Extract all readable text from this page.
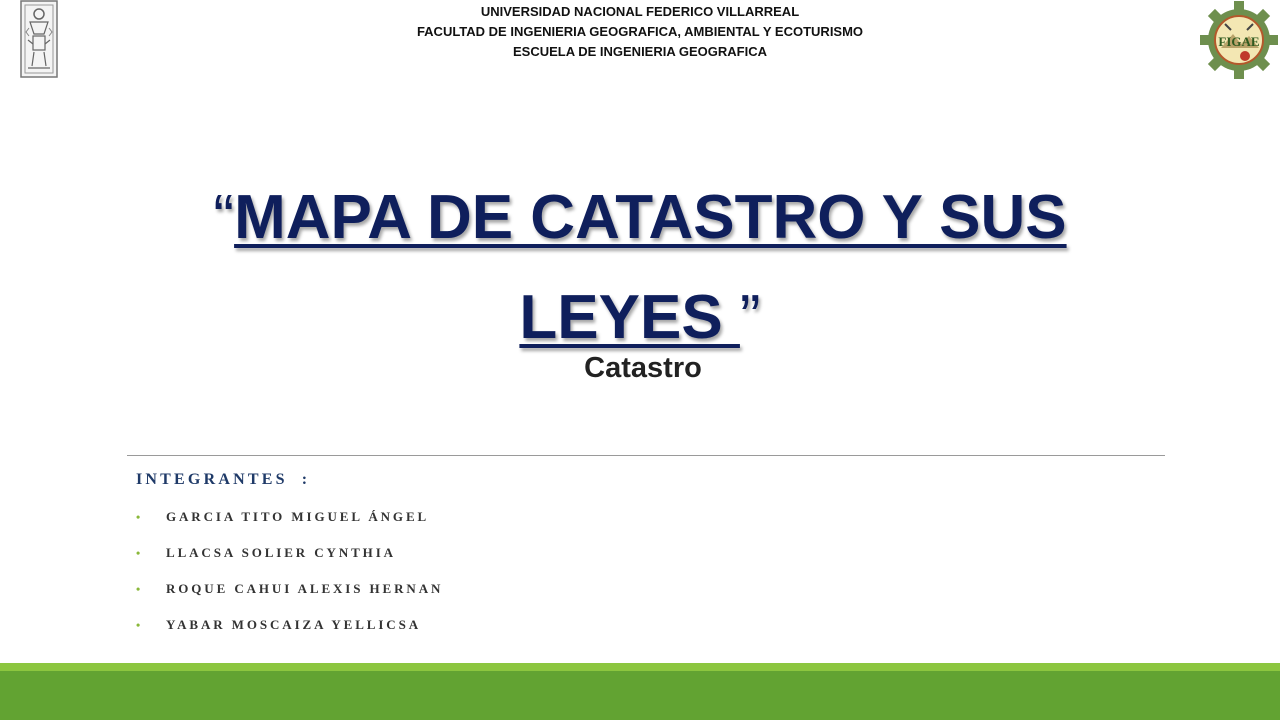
UNIVERSIDAD NACIONAL FEDERICO VILLARREAL
FACULTAD DE INGENIERIA GEOGRAFICA, AMBIENTAL Y ECOTURISMO
ESCUELA DE INGENIERIA GEOGRAFICA
FIGAE
“MAPA DE CATASTRO Y SUS
LEYES ”
Catastro
INTEGRANTES :
• GARCIA TITO MIGUEL ÁNGEL
• LLACSA SOLIER CYNTHIA
• ROQUE CAHUI ALEXIS HERNAN
• YABAR MOSCAIZA YELLICSA
